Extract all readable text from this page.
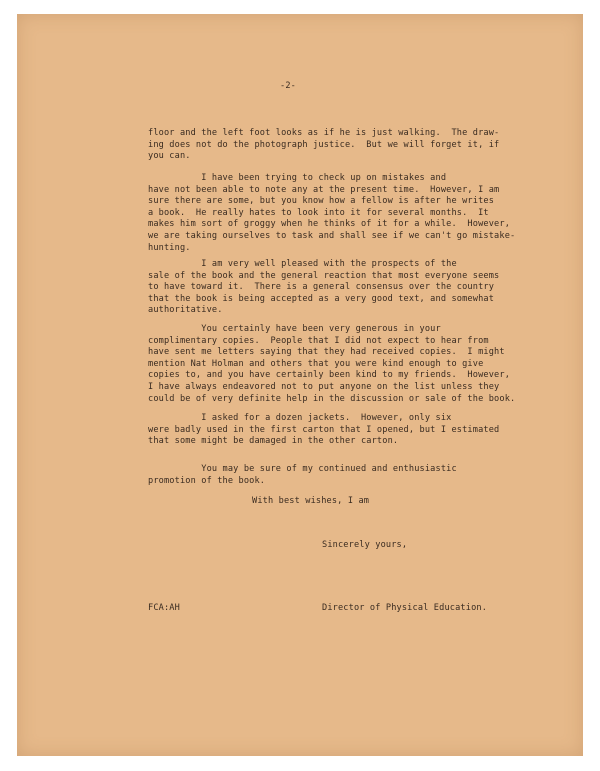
-2-
floor and the left foot looks as if he is just walking.  The draw-
ing does not do the photograph justice.  But we will forget it, if
you can.
I have been trying to check up on mistakes and
have not been able to note any at the present time.  However, I am
sure there are some, but you know how a fellow is after he writes
a book.  He really hates to look into it for several months.  It
makes him sort of groggy when he thinks of it for a while.  However,
we are taking ourselves to task and shall see if we can't go mistake-
hunting.
I am very well pleased with the prospects of the
sale of the book and the general reaction that most everyone seems
to have toward it.  There is a general consensus over the country
that the book is being accepted as a very good text, and somewhat
authoritative.
You certainly have been very generous in your
complimentary copies.  People that I did not expect to hear from
have sent me letters saying that they had received copies.  I might
mention Nat Holman and others that you were kind enough to give
copies to, and you have certainly been kind to my friends.  However,
I have always endeavored not to put anyone on the list unless they
could be of very definite help in the discussion or sale of the book.
I asked for a dozen jackets.  However, only six
were badly used in the first carton that I opened, but I estimated
that some might be damaged in the other carton.
You may be sure of my continued and enthusiastic
promotion of the book.
With best wishes, I am
Sincerely yours,
FCA:AH	Director of Physical Education.
